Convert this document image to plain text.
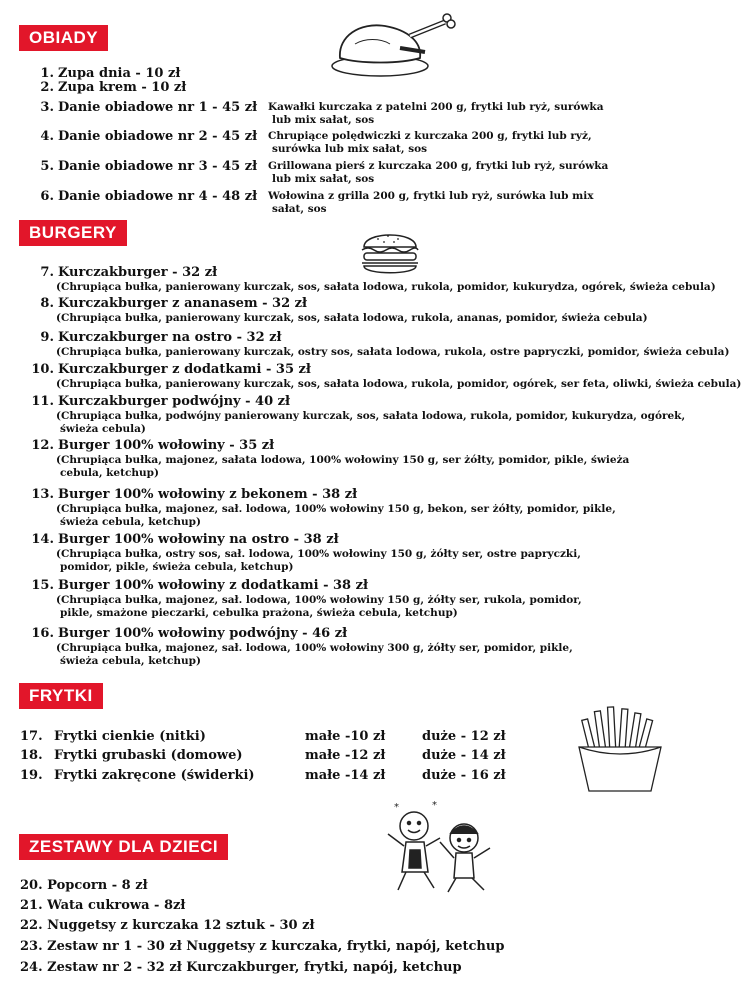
OBIADY
1. Zupa dnia - 10 zł
2. Zupa krem - 10 zł
3. Danie obiadowe nr 1 - 45 zł Kawałki kurczaka z patelni 200 g, frytki lub ryż, surówka
lub mix sałat, sos
4. Danie obiadowe nr 2 - 45 zł Chrupiące polędwiczki z kurczaka 200 g, frytki lub ryż,
surówka lub mix sałat, sos
5. Danie obiadowe nr 3 - 45 zł Grillowana pierś z kurczaka 200 g, frytki lub ryż, surówka
lub mix sałat, sos
6. Danie obiadowe nr 4 - 48 zł Wołowina z grilla 200 g, frytki lub ryż, surówka lub mix
sałat, sos
BURGERY
7. Kurczakburger - 32 zł
(Chrupiąca bułka, panierowany kurczak, sos, sałata lodowa, rukola, pomidor, kukurydza, ogórek, świeża cebula)
8. Kurczakburger z ananasem - 32 zł
(Chrupiąca bułka, panierowany kurczak, sos, sałata lodowa, rukola, ananas, pomidor, świeża cebula)
9. Kurczakburger na ostro - 32 zł
(Chrupiąca bułka, panierowany kurczak, ostry sos, sałata lodowa, rukola, ostre papryczki, pomidor, świeża cebula)
10. Kurczakburger z dodatkami - 35 zł
(Chrupiąca bułka, panierowany kurczak, sos, sałata lodowa, rukola, pomidor, ogórek, ser feta, oliwki, świeża cebula)
11. Kurczakburger podwójny - 40 zł
(Chrupiąca bułka, podwójny panierowany kurczak, sos, sałata lodowa, rukola, pomidor, kukurydza, ogórek,
świeża cebula)
12. Burger 100% wołowiny - 35 zł
(Chrupiąca bułka, majonez, sałata lodowa, 100% wołowiny 150 g, ser żółty, pomidor, pikle, świeża
cebula, ketchup)
13. Burger 100% wołowiny z bekonem - 38 zł
(Chrupiąca bułka, majonez, sał. lodowa, 100% wołowiny 150 g, bekon, ser żółty, pomidor, pikle,
świeża cebula, ketchup)
14. Burger 100% wołowiny na ostro - 38 zł
(Chrupiąca bułka, ostry sos, sał. lodowa, 100% wołowiny 150 g, żółty ser, ostre papryczki,
pomidor, pikle, świeża cebula, ketchup)
15. Burger 100% wołowiny z dodatkami - 38 zł
(Chrupiąca bułka, majonez, sał. lodowa, 100% wołowiny 150 g, żółty ser, rukola, pomidor,
pikle, smażone pieczarki, cebulka prażona, świeża cebula, ketchup)
16. Burger 100% wołowiny podwójny - 46 zł
(Chrupiąca bułka, majonez, sał. lodowa, 100% wołowiny 300 g, żółty ser, pomidor, pikle,
świeża cebula, ketchup)
FRYTKI
17. Frytki cienkie (nitki)	małe -10 zł	duże - 12 zł
18. Frytki grubaski (domowe)	małe -12 zł	duże - 14 zł
19. Frytki zakręcone (świderki)	małe -14 zł	duże - 16 zł
ZESTAWY DLA DZIECI
*	*
20. Popcorn - 8 zł
21. Wata cukrowa - 8zł
22. Nuggetsy z kurczaka 12 sztuk - 30 zł
23. Zestaw nr 1 - 30 zł Nuggetsy z kurczaka, frytki, napój, ketchup
24. Zestaw nr 2 - 32 zł Kurczakburger, frytki, napój, ketchup
